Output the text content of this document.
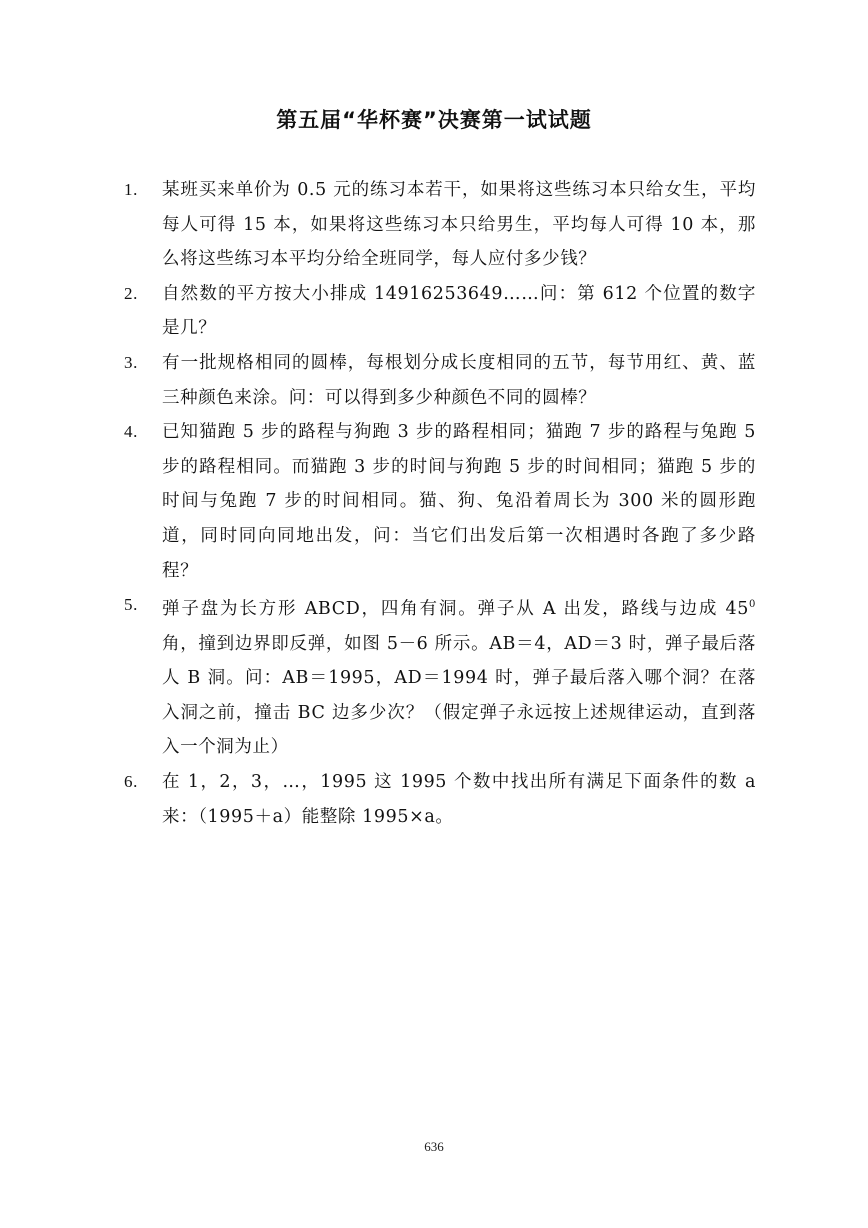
第五届“华杯赛”决赛第一试试题
1. 某班买来单价为 0.5 元的练习本若干，如果将这些练习本只给女生，平均每人可得 15 本，如果将这些练习本只给男生，平均每人可得 10 本，那么将这些练习本平均分给全班同学，每人应付多少钱？
2. 自然数的平方按大小排成 14916253649……问：第 612 个位置的数字是几？
3. 有一批规格相同的圆棒，每根划分成长度相同的五节，每节用红、黄、蓝三种颜色来涂。问：可以得到多少种颜色不同的圆棒？
4. 已知猫跑 5 步的路程与狗跑 3 步的路程相同；猫跑 7 步的路程与兔跑 5 步的路程相同。而猫跑 3 步的时间与狗跑 5 步的时间相同；猫跑 5 步的时间与兔跑 7 步的时间相同。猫、狗、兔沿着周长为 300 米的圆形跑道，同时同向同地出发，问：当它们出发后第一次相遇时各跑了多少路程？
5. 弹子盘为长方形 ABCD，四角有洞。弹子从 A 出发，路线与边成 $45^0$角，撞到边界即反弹，如图 5－6 所示。AB＝4，AD＝3 时，弹子最后落人 B 洞。问：AB＝1995，AD＝1994 时，弹子最后落入哪个洞？在落入洞之前，撞击 BC 边多少次？（假定弹子永远按上述规律运动，直到落入一个洞为止）
6. 在 1，2，3，…，1995 这 1995 个数中找出所有满足下面条件的数 a 来：（1995＋a）能整除 1995×a。
636
